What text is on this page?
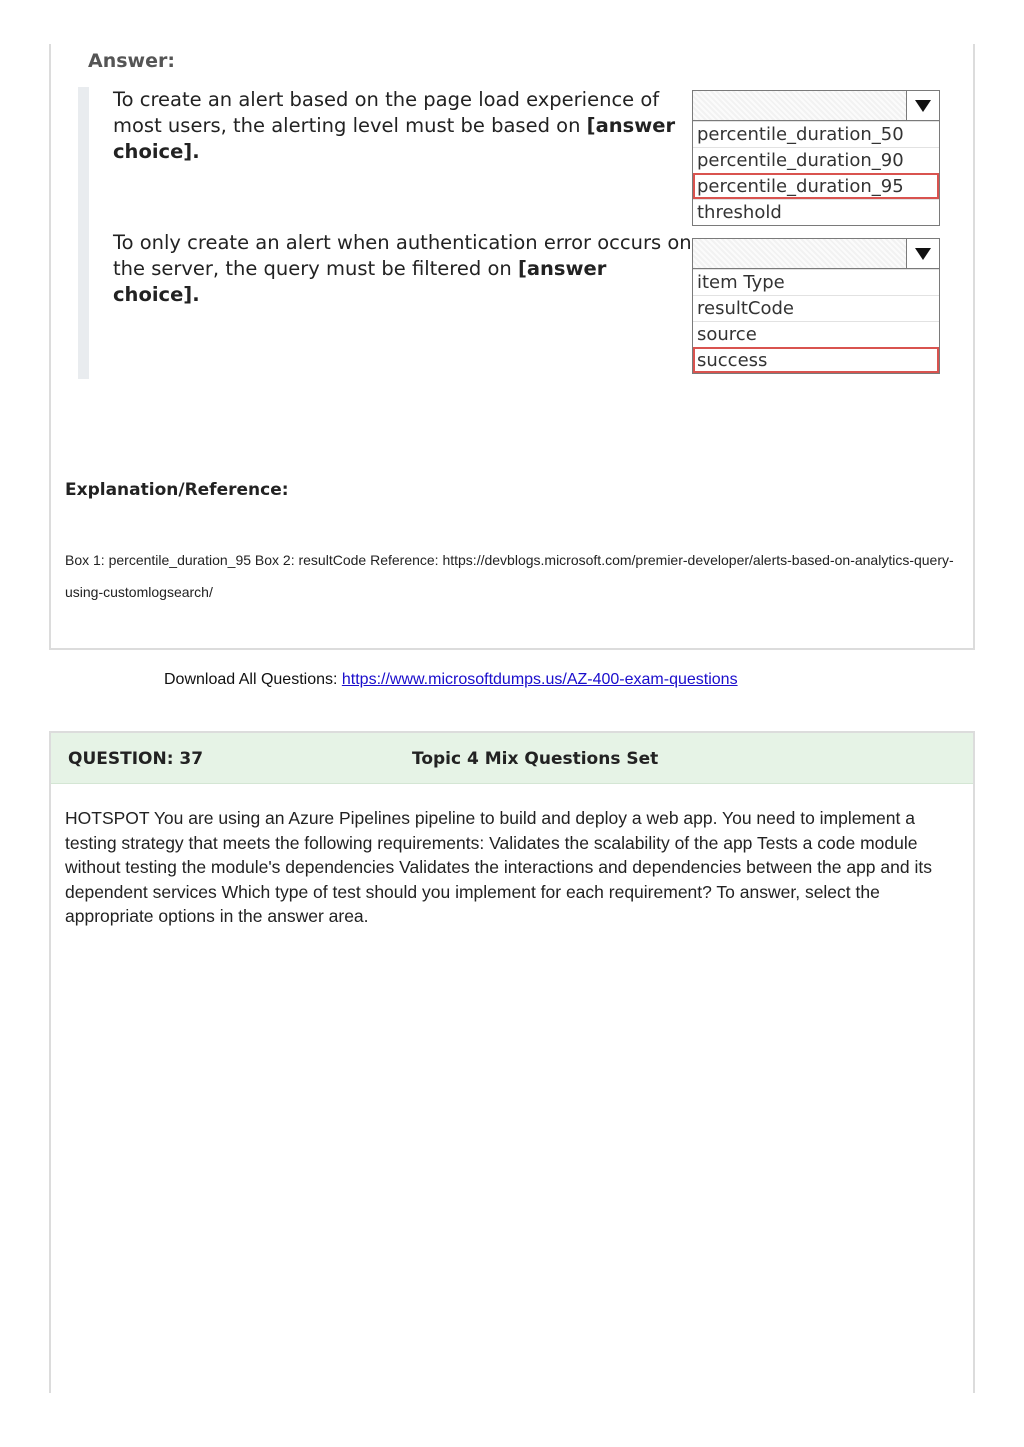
Answer:
To create an alert based on the page load experience of most users, the alerting level must be based on [answer choice].
percentile_duration_50
percentile_duration_90
percentile_duration_95
threshold
To only create an alert when authentication error occurs on the server, the query must be filtered on [answer choice].
item Type
resultCode
source
success
Explanation/Reference:
Box 1: percentile_duration_95 Box 2: resultCode Reference: https://devblogs.microsoft.com/premier-developer/alerts-based-on-analytics-query-using-customlogsearch/
Download All Questions: https://www.microsoftdumps.us/AZ-400-exam-questions
QUESTION: 37	Topic 4 Mix Questions Set
HOTSPOT You are using an Azure Pipelines pipeline to build and deploy a web app. You need to implement a testing strategy that meets the following requirements: Validates the scalability of the app Tests a code module without testing the module's dependencies Validates the interactions and dependencies between the app and its dependent services Which type of test should you implement for each requirement? To answer, select the appropriate options in the answer area.
